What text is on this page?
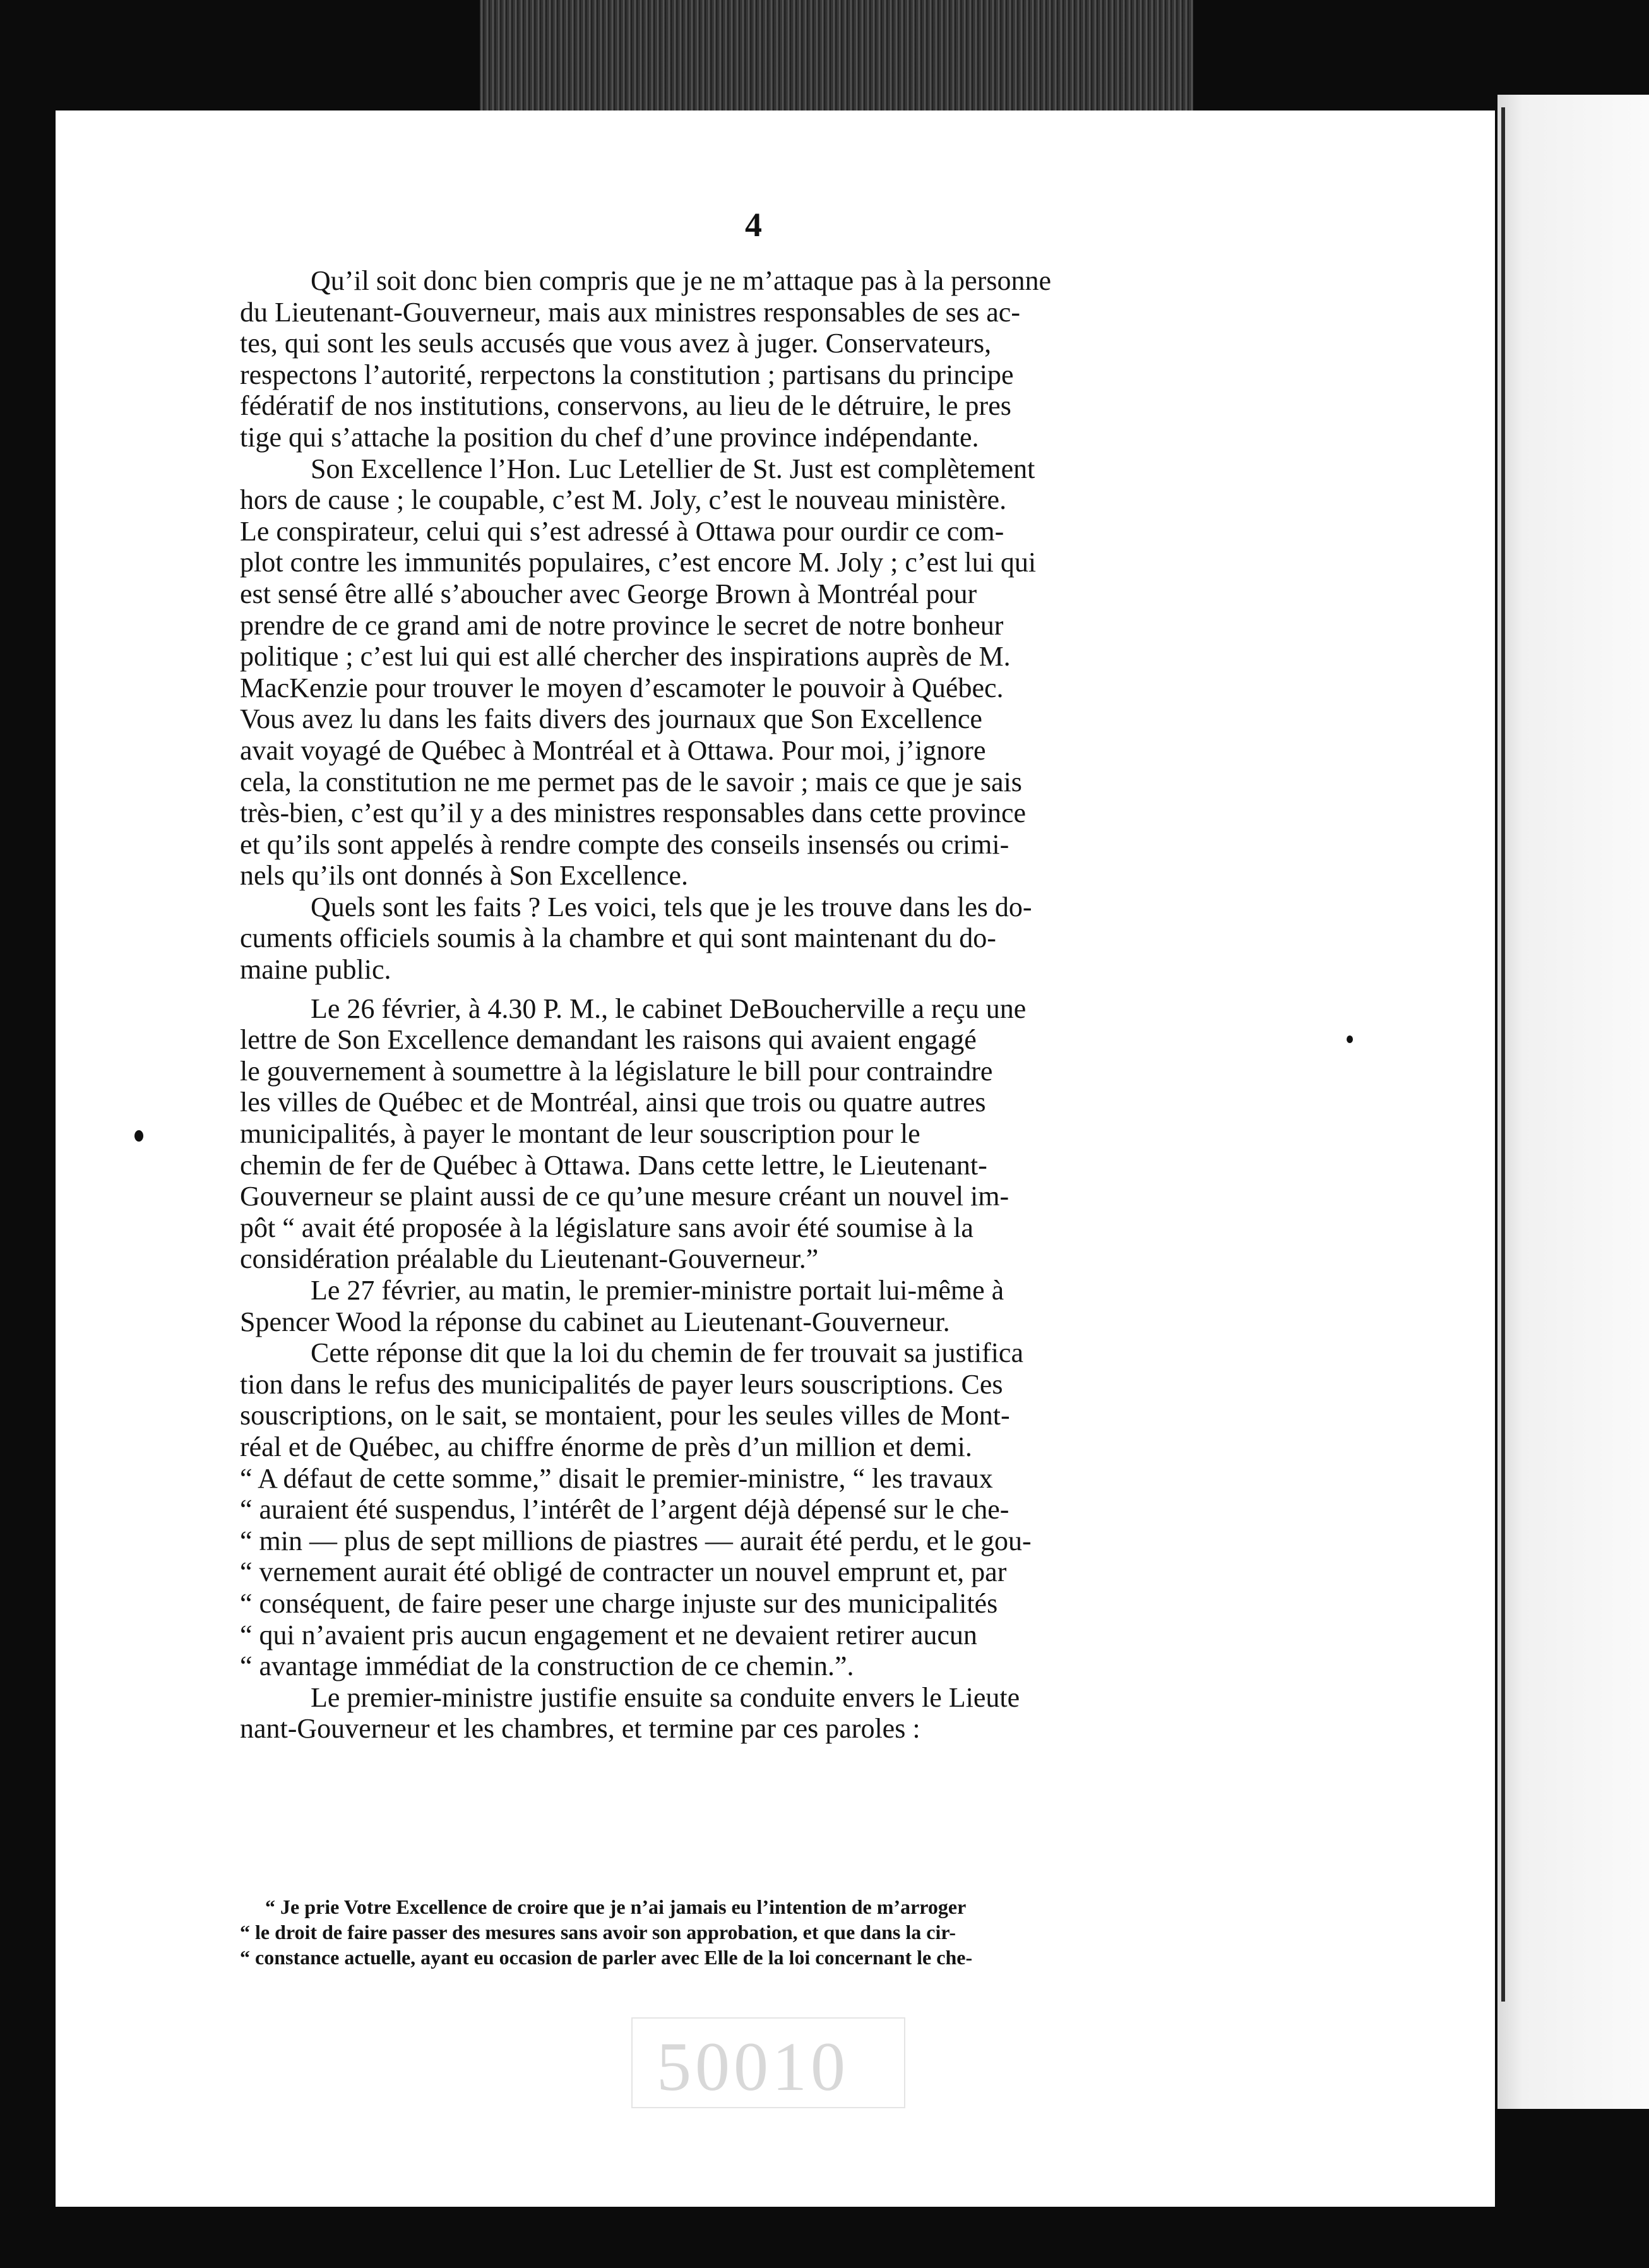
4

Qu’il soit donc bien compris que je ne m’attaque pas à la personne
du Lieutenant-Gouverneur, mais aux ministres responsables de ses ac-
tes, qui sont les seuls accusés que vous avez à juger. Conservateurs,
respectons l’autorité, rerpectons la constitution ; partisans du principe
fédératif de nos institutions, conservons, au lieu de le détruire, le pres
tige qui s’attache la position du chef d’une province indépendante.

Son Excellence l’Hon. Luc Letellier de St. Just est complètement
hors de cause ; le coupable, c’est M. Joly, c’est le nouveau ministère.
Le conspirateur, celui qui s’est adressé à Ottawa pour ourdir ce com-
plot contre les immunités populaires, c’est encore M. Joly ; c’est lui qui
est sensé être allé s’aboucher avec George Brown à Montréal pour
prendre de ce grand ami de notre province le secret de notre bonheur
politique ; c’est lui qui est allé chercher des inspirations auprès de M.
MacKenzie pour trouver le moyen d’escamoter le pouvoir à Québec.
Vous avez lu dans les faits divers des journaux que Son Excellence
avait voyagé de Québec à Montréal et à Ottawa. Pour moi, j’ignore
cela, la constitution ne me permet pas de le savoir ; mais ce que je sais
très-bien, c’est qu’il y a des ministres responsables dans cette province
et qu’ils sont appelés à rendre compte des conseils insensés ou crimi-
nels qu’ils ont donnés à Son Excellence.

Quels sont les faits ? Les voici, tels que je les trouve dans les do-
cuments officiels soumis à la chambre et qui sont maintenant du do-
maine public.

Le 26 février, à 4.30 P. M., le cabinet DeBoucherville a reçu une
lettre de Son Excellence demandant les raisons qui avaient engagé
le gouvernement à soumettre à la législature le bill pour contraindre
les villes de Québec et de Montréal, ainsi que trois ou quatre autres
municipalités, à payer le montant de leur souscription pour le
chemin de fer de Québec à Ottawa. Dans cette lettre, le Lieutenant-
Gouverneur se plaint aussi de ce qu’une mesure créant un nouvel im-
pôt “ avait été proposée à la législature sans avoir été soumise à la
considération préalable du Lieutenant-Gouverneur.”

Le 27 février, au matin, le premier-ministre portait lui-même à
Spencer Wood la réponse du cabinet au Lieutenant-Gouverneur.

Cette réponse dit que la loi du chemin de fer trouvait sa justifica
tion dans le refus des municipalités de payer leurs souscriptions. Ces
souscriptions, on le sait, se montaient, pour les seules villes de Mont-
réal et de Québec, au chiffre énorme de près d’un million et demi.
“ A défaut de cette somme,” disait le premier-ministre, “ les travaux
“ auraient été suspendus, l’intérêt de l’argent déjà dépensé sur le che-
“ min — plus de sept millions de piastres — aurait été perdu, et le gou-
“ vernement aurait été obligé de contracter un nouvel emprunt et, par
“ conséquent, de faire peser une charge injuste sur des municipalités
“ qui n’avaient pris aucun engagement et ne devaient retirer aucun
“ avantage immédiat de la construction de ce chemin.”.

Le premier-ministre justifie ensuite sa conduite envers le Lieute
nant-Gouverneur et les chambres, et termine par ces paroles :

“ Je prie Votre Excellence de croire que je n’ai jamais eu l’intention de m’arroger
“ le droit de faire passer des mesures sans avoir son approbation, et que dans la cir-
“ constance actuelle, ayant eu occasion de parler avec Elle de la loi concernant le che-
50010
